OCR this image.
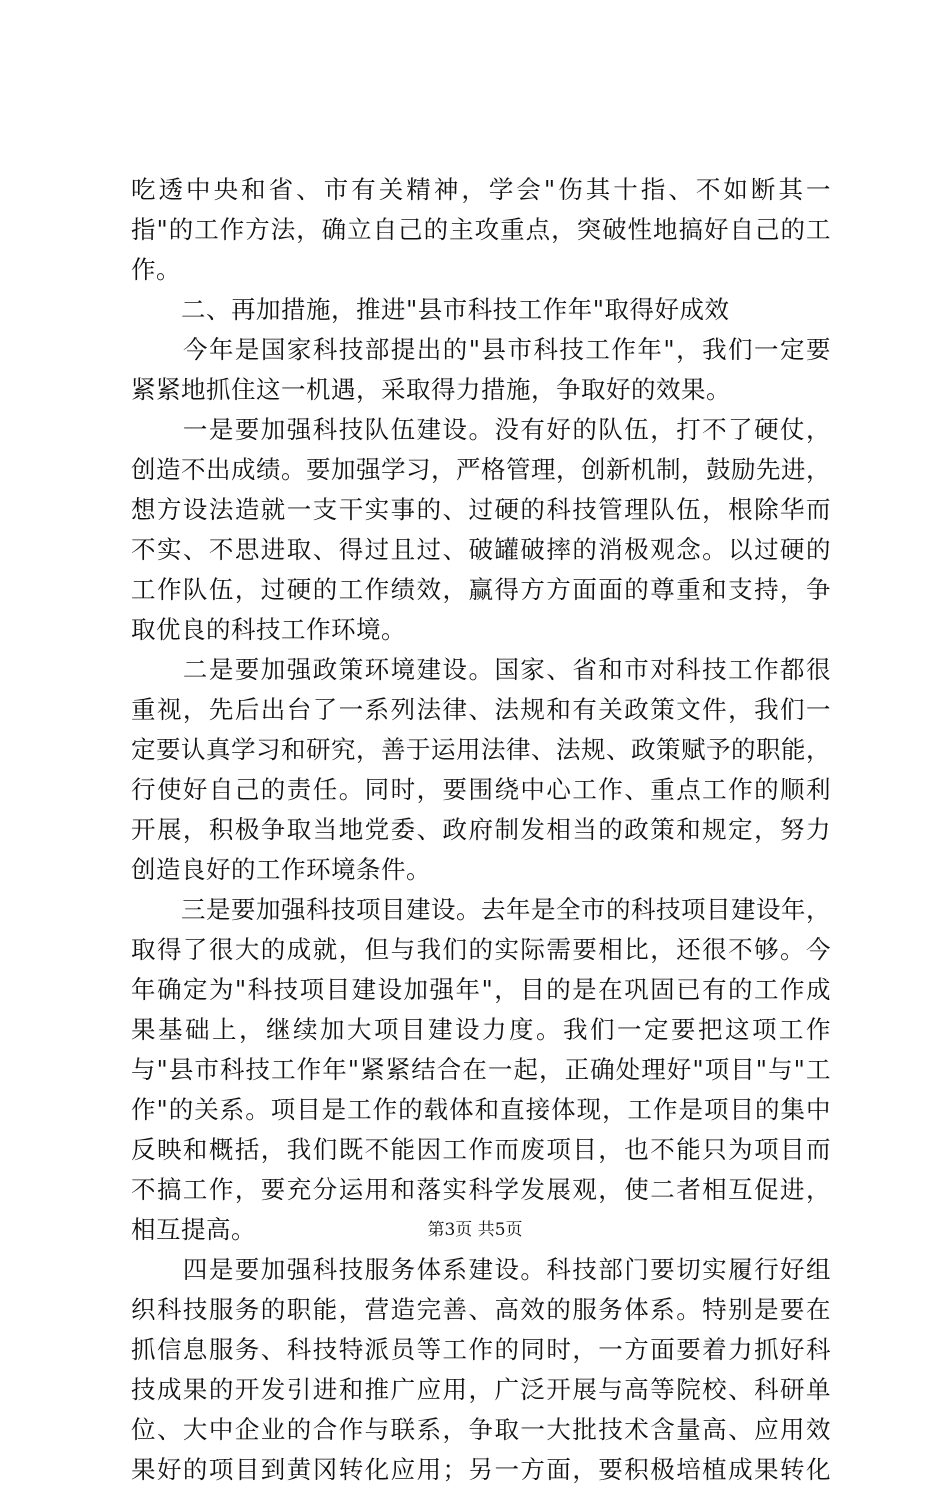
吃透中央和省、市有关精神，学会"伤其十指、不如断其一
指"的工作方法，确立自己的主攻重点，突破性地搞好自己的工
作。
　　二、再加措施，推进"县市科技工作年"取得好成效
　　今年是国家科技部提出的"县市科技工作年"，我们一定要
紧紧地抓住这一机遇，采取得力措施，争取好的效果。
　　一是要加强科技队伍建设。没有好的队伍，打不了硬仗，
创造不出成绩。要加强学习，严格管理，创新机制，鼓励先进，
想方设法造就一支干实事的、过硬的科技管理队伍，根除华而
不实、不思进取、得过且过、破罐破摔的消极观念。以过硬的
工作队伍，过硬的工作绩效，赢得方方面面的尊重和支持，争
取优良的科技工作环境。
　　二是要加强政策环境建设。国家、省和市对科技工作都很
重视，先后出台了一系列法律、法规和有关政策文件，我们一
定要认真学习和研究，善于运用法律、法规、政策赋予的职能，
行使好自己的责任。同时，要围绕中心工作、重点工作的顺利
开展，积极争取当地党委、政府制发相当的政策和规定，努力
创造良好的工作环境条件。
　　三是要加强科技项目建设。去年是全市的科技项目建设年，
取得了很大的成就，但与我们的实际需要相比，还很不够。今
年确定为"科技项目建设加强年"，目的是在巩固已有的工作成
果基础上，继续加大项目建设力度。我们一定要把这项工作
与"县市科技工作年"紧紧结合在一起，正确处理好"项目"与"工
作"的关系。项目是工作的载体和直接体现，工作是项目的集中
反映和概括，我们既不能因工作而废项目，也不能只为项目而
不搞工作，要充分运用和落实科学发展观，使二者相互促进，
相互提高。
　　四是要加强科技服务体系建设。科技部门要切实履行好组
织科技服务的职能，营造完善、高效的服务体系。特别是要在
抓信息服务、科技特派员等工作的同时，一方面要着力抓好科
技成果的开发引进和推广应用，广泛开展与高等院校、科研单
位、大中企业的合作与联系，争取一大批技术含量高、应用效
果好的项目到黄冈转化应用；另一方面，要积极培植成果转化
第3页 共5页
